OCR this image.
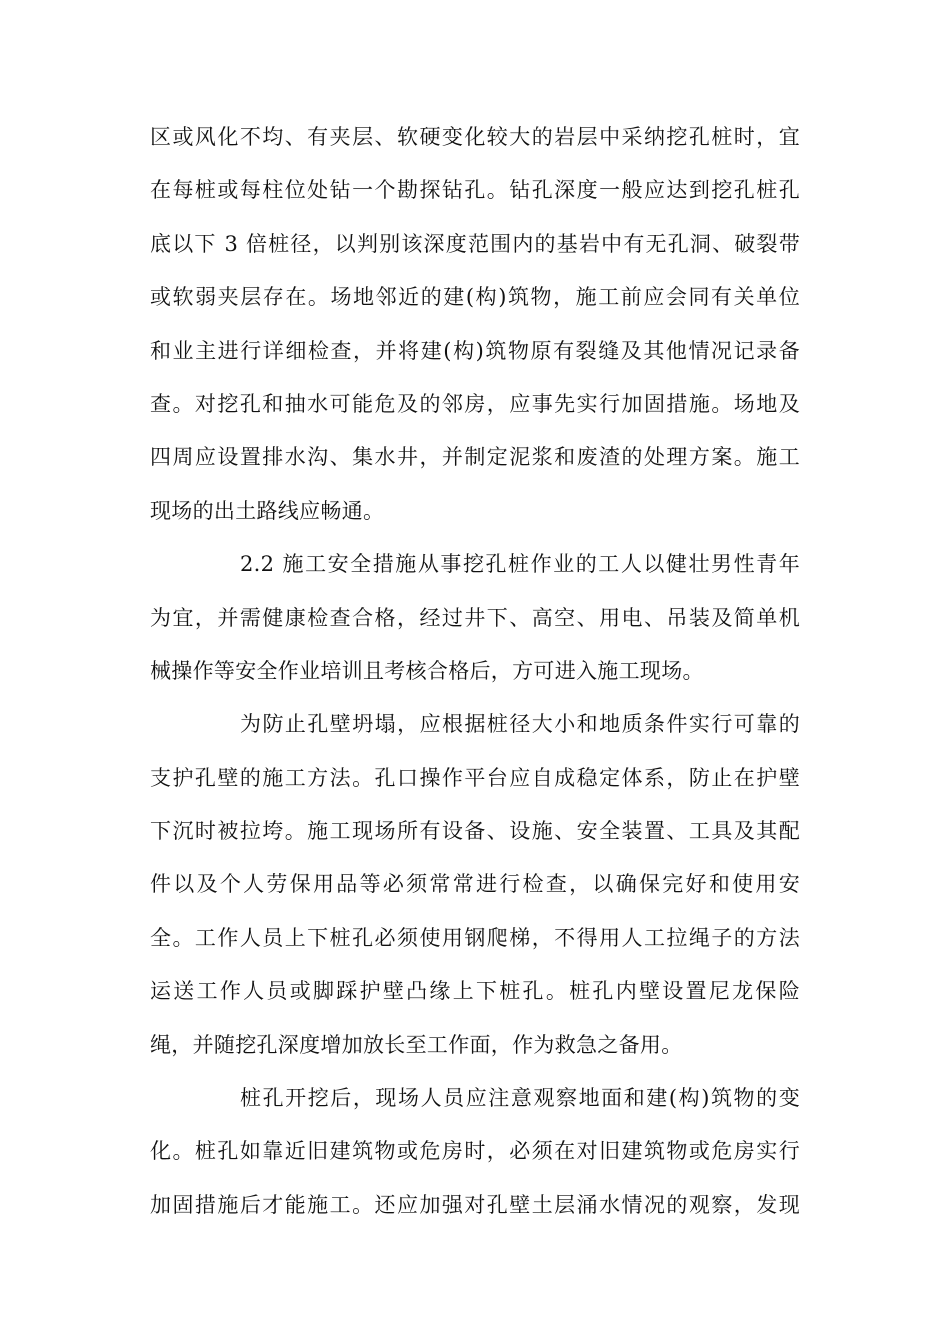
区或风化不均、有夹层、软硬变化较大的岩层中采纳挖孔桩时，宜
在每桩或每柱位处钻一个勘探钻孔。钻孔深度一般应达到挖孔桩孔
底以下 3 倍桩径，以判别该深度范围内的基岩中有无孔洞、破裂带
或软弱夹层存在。场地邻近的建(构)筑物，施工前应会同有关单位
和业主进行详细检查，并将建(构)筑物原有裂缝及其他情况记录备
查。对挖孔和抽水可能危及的邻房，应事先实行加固措施。场地及
四周应设置排水沟、集水井，并制定泥浆和废渣的处理方案。施工
现场的出土路线应畅通。
2.2 施工安全措施从事挖孔桩作业的工人以健壮男性青年
为宜，并需健康检查合格，经过井下、高空、用电、吊装及简单机
械操作等安全作业培训且考核合格后，方可进入施工现场。
为防止孔壁坍塌，应根据桩径大小和地质条件实行可靠的
支护孔壁的施工方法。孔口操作平台应自成稳定体系，防止在护壁
下沉时被拉垮。施工现场所有设备、设施、安全装置、工具及其配
件以及个人劳保用品等必须常常进行检查，以确保完好和使用安
全。工作人员上下桩孔必须使用钢爬梯，不得用人工拉绳子的方法
运送工作人员或脚踩护壁凸缘上下桩孔。桩孔内壁设置尼龙保险
绳，并随挖孔深度增加放长至工作面，作为救急之备用。
桩孔开挖后，现场人员应注意观察地面和建(构)筑物的变
化。桩孔如靠近旧建筑物或危房时，必须在对旧建筑物或危房实行
加固措施后才能施工。还应加强对孔壁土层涌水情况的观察，发现
